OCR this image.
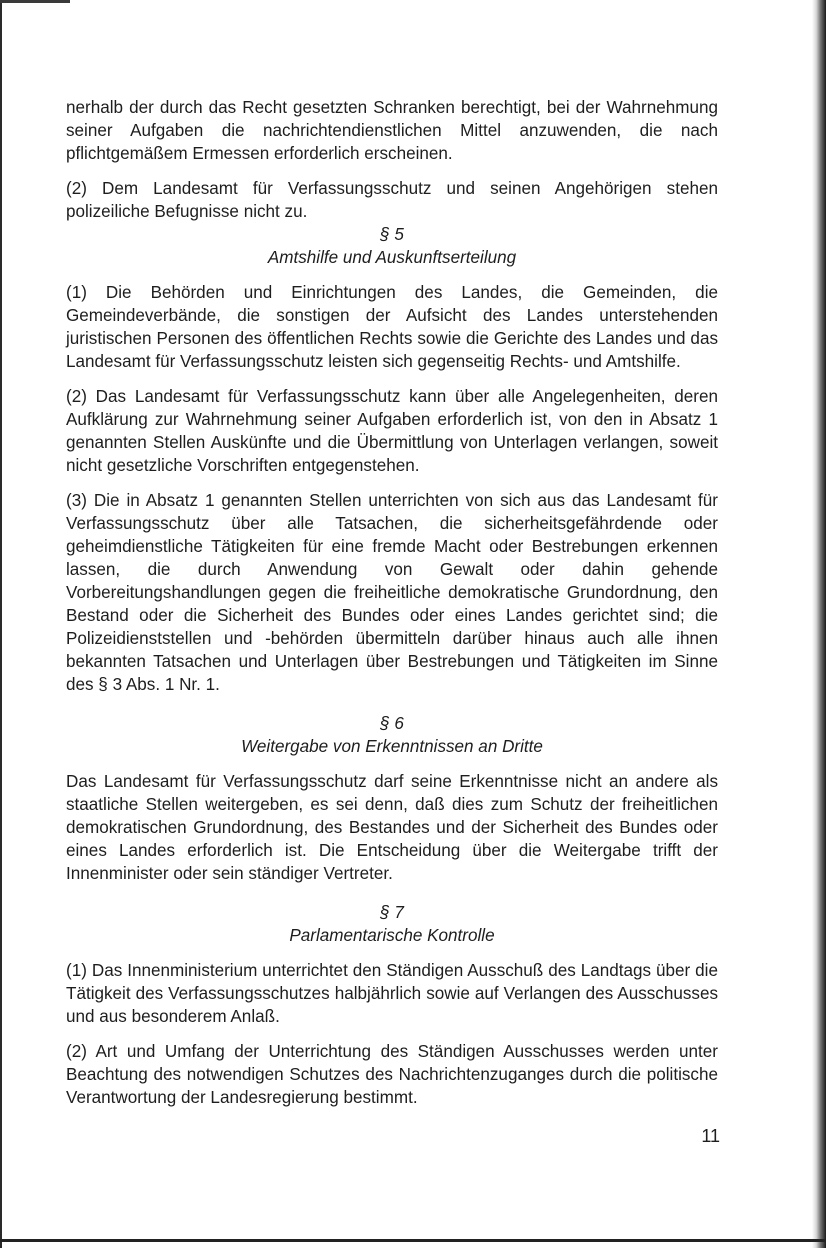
nerhalb der durch das Recht gesetzten Schranken berechtigt, bei der Wahrnehmung seiner Aufgaben die nachrichtendienstlichen Mittel anzuwenden, die nach pflichtgemäßem Ermessen erforderlich erscheinen.

(2) Dem Landesamt für Verfassungsschutz und seinen Angehörigen stehen polizeiliche Befugnisse nicht zu.

§ 5

Amtshilfe und Auskunftserteilung

(1) Die Behörden und Einrichtungen des Landes, die Gemeinden, die Gemeindeverbände, die sonstigen der Aufsicht des Landes unterstehenden juristischen Personen des öffentlichen Rechts sowie die Gerichte des Landes und das Landesamt für Verfassungsschutz leisten sich gegenseitig Rechts- und Amtshilfe.

(2) Das Landesamt für Verfassungsschutz kann über alle Angelegenheiten, deren Aufklärung zur Wahrnehmung seiner Aufgaben erforderlich ist, von den in Absatz 1 genannten Stellen Auskünfte und die Übermittlung von Unterlagen verlangen, soweit nicht gesetzliche Vorschriften entgegenstehen.

(3) Die in Absatz 1 genannten Stellen unterrichten von sich aus das Landesamt für Verfassungsschutz über alle Tatsachen, die sicherheitsgefährdende oder geheimdienstliche Tätigkeiten für eine fremde Macht oder Bestrebungen erkennen lassen, die durch Anwendung von Gewalt oder dahin gehende Vorbereitungshandlungen gegen die freiheitliche demokratische Grundordnung, den Bestand oder die Sicherheit des Bundes oder eines Landes gerichtet sind; die Polizeidienststellen und -behörden übermitteln darüber hinaus auch alle ihnen bekannten Tatsachen und Unterlagen über Bestrebungen und Tätigkeiten im Sinne des § 3 Abs. 1 Nr. 1.

§ 6

Weitergabe von Erkenntnissen an Dritte

Das Landesamt für Verfassungsschutz darf seine Erkenntnisse nicht an andere als staatliche Stellen weitergeben, es sei denn, daß dies zum Schutz der freiheitlichen demokratischen Grundordnung, des Bestandes und der Sicherheit des Bundes oder eines Landes erforderlich ist. Die Entscheidung über die Weitergabe trifft der Innenminister oder sein ständiger Vertreter.

§ 7

Parlamentarische Kontrolle

(1) Das Innenministerium unterrichtet den Ständigen Ausschuß des Landtags über die Tätigkeit des Verfassungsschutzes halbjährlich sowie auf Verlangen des Ausschusses und aus besonderem Anlaß.

(2) Art und Umfang der Unterrichtung des Ständigen Ausschusses werden unter Beachtung des notwendigen Schutzes des Nachrichtenzuganges durch die politische Verantwortung der Landesregierung bestimmt.

11
